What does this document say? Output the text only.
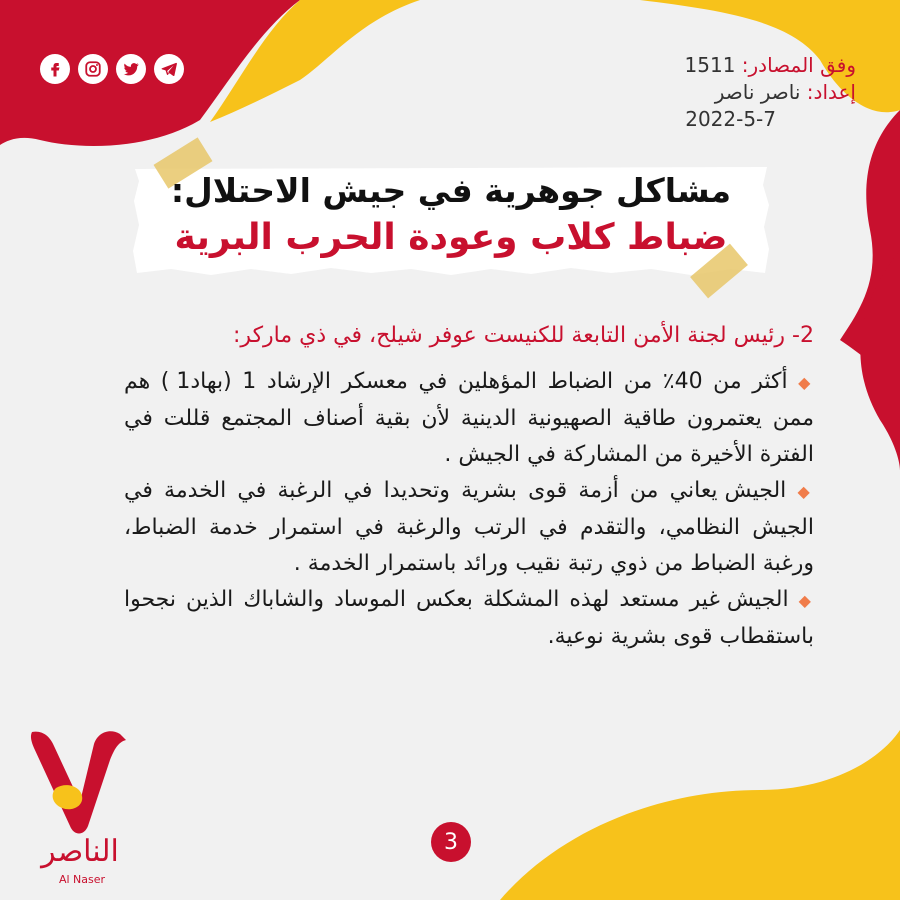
وفق المصادر: 1511
إعداد: ناصر ناصر
2022-5-7
مشاكل جوهرية في جيش الاحتلال:
ضباط كلاب وعودة الحرب البرية

2- رئيس لجنة الأمن التابعة للكنيست عوفر شيلح، في ذي ماركر:

◆ أكثر من 40٪ من الضباط المؤهلين في معسكر الإرشاد 1 (بهاد1 ) هم ممن يعتمرون طاقية الصهيونية الدينية لأن بقية أصناف المجتمع قللت في الفترة الأخيرة من المشاركة في الجيش .

◆ الجيش يعاني من أزمة قوى بشرية وتحديدا في الرغبة في الخدمة في الجيش النظامي، والتقدم في الرتب والرغبة في استمرار خدمة الضباط، ورغبة الضباط من ذوي رتبة نقيب ورائد باستمرار الخدمة .

◆ الجيش غير مستعد لهذه المشكلة بعكس الموساد والشاباك الذين نجحوا باستقطاب قوى بشرية نوعية.

3
الناصر
Al Naser
